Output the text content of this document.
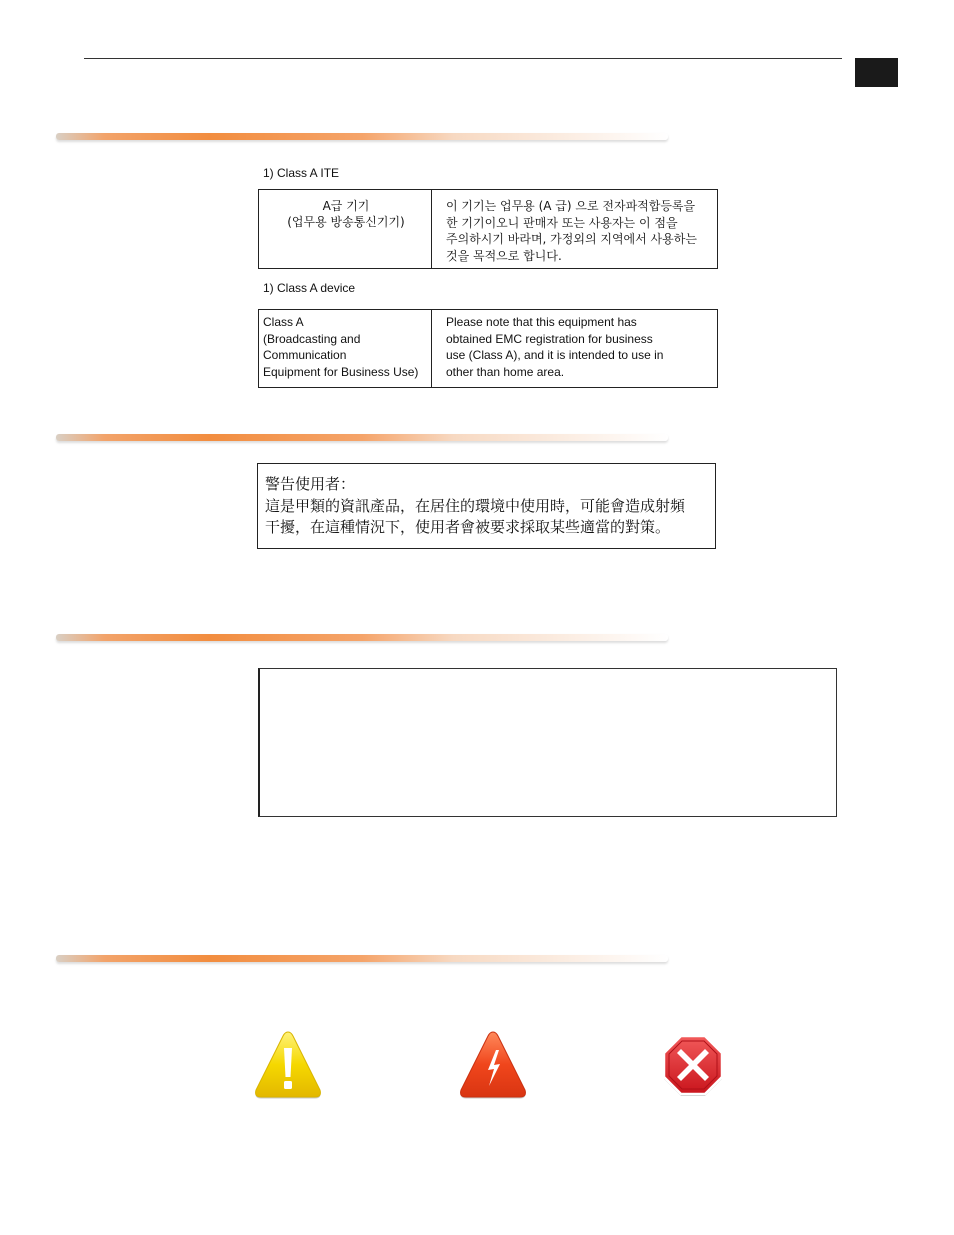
1) Class A ITE
A급 기기
(업무용 방송통신기기)
이 기기는 업무용 (A 급) 으로 전자파적합등록을
한 기기이오니 판매자 또는 사용자는 이 점을
주의하시기 바라며, 가정외의 지역에서 사용하는
것을 목적으로 합니다.
1) Class A device
Class A
(Broadcasting and
Communication
Equipment for Business Use)
Please note that this equipment has
obtained EMC registration for business
use (Class A), and it is intended to use in
other than home area.
警告使用者：
這是甲類的資訊產品，在居住的環境中使用時，可能會造成射頻
干擾，在這種情況下，使用者會被要求採取某些適當的對策。
